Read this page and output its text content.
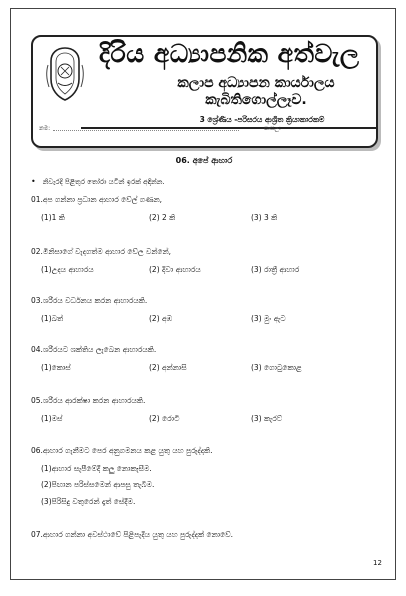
දිරිය අධ්‍යාපනික අත්වැල
කලාප අධ්‍යාපන කාර්යාලය
කැබිතිගොල්ලෑව.
3 ශ්‍රේණිය -පරිසරය ආශ්‍රිත ක්‍රියාකාරකම්
නම:	පාසල:
06. අපේ ආහාර
• නිවැරදි පිළිතුර තෝරා යටින් ඉරක් අඳින්න.
01.අප ගන්නා ප්‍රධාන ආහාර වේල් ගණන,
(1)1 කි	(2) 2 කි	(3) 3 කි
02.මිනිසාගේ වැදගත්ම ආහාර වේල වන්නේ,
(1)උදය ආහාරය	(2) දිවා ආහාරය	(3) රාත්‍රී ආහාර
03.ශරීරය වර්ධනය කරන ආහාරයකි.
(1)බත්	(2) අඹ	(3) මුං ඇට
04.ශරීරයට ශක්තිය ලැබෙන ආහාරයකි.
(1)කොස්	(2) අන්නාසි	(3) ගොටුකොළ
05.ශරීරය ආරක්ෂා කරන ආහාරයකි.
(1)මස්	(2) රොටි	(3) කැරට්
06.ආහාර ගැනීමට පෙර අනුගමනය කළ යුතු යහ පුරුද්දකි.
(1)ආහාර සැපීමේදී කලු නොකෑසීම.
(2)පිඟාන පරිස්සමෙන් ආපසු තැබීම.
(3)පිරිසිදු වතුරෙන් දෑත් සේදීම.
07.ආහාර ගන්නා අවස්ථාවේ පිළිපැදිය යුතු යහ පුරුද්දක් නොවේ.
12
